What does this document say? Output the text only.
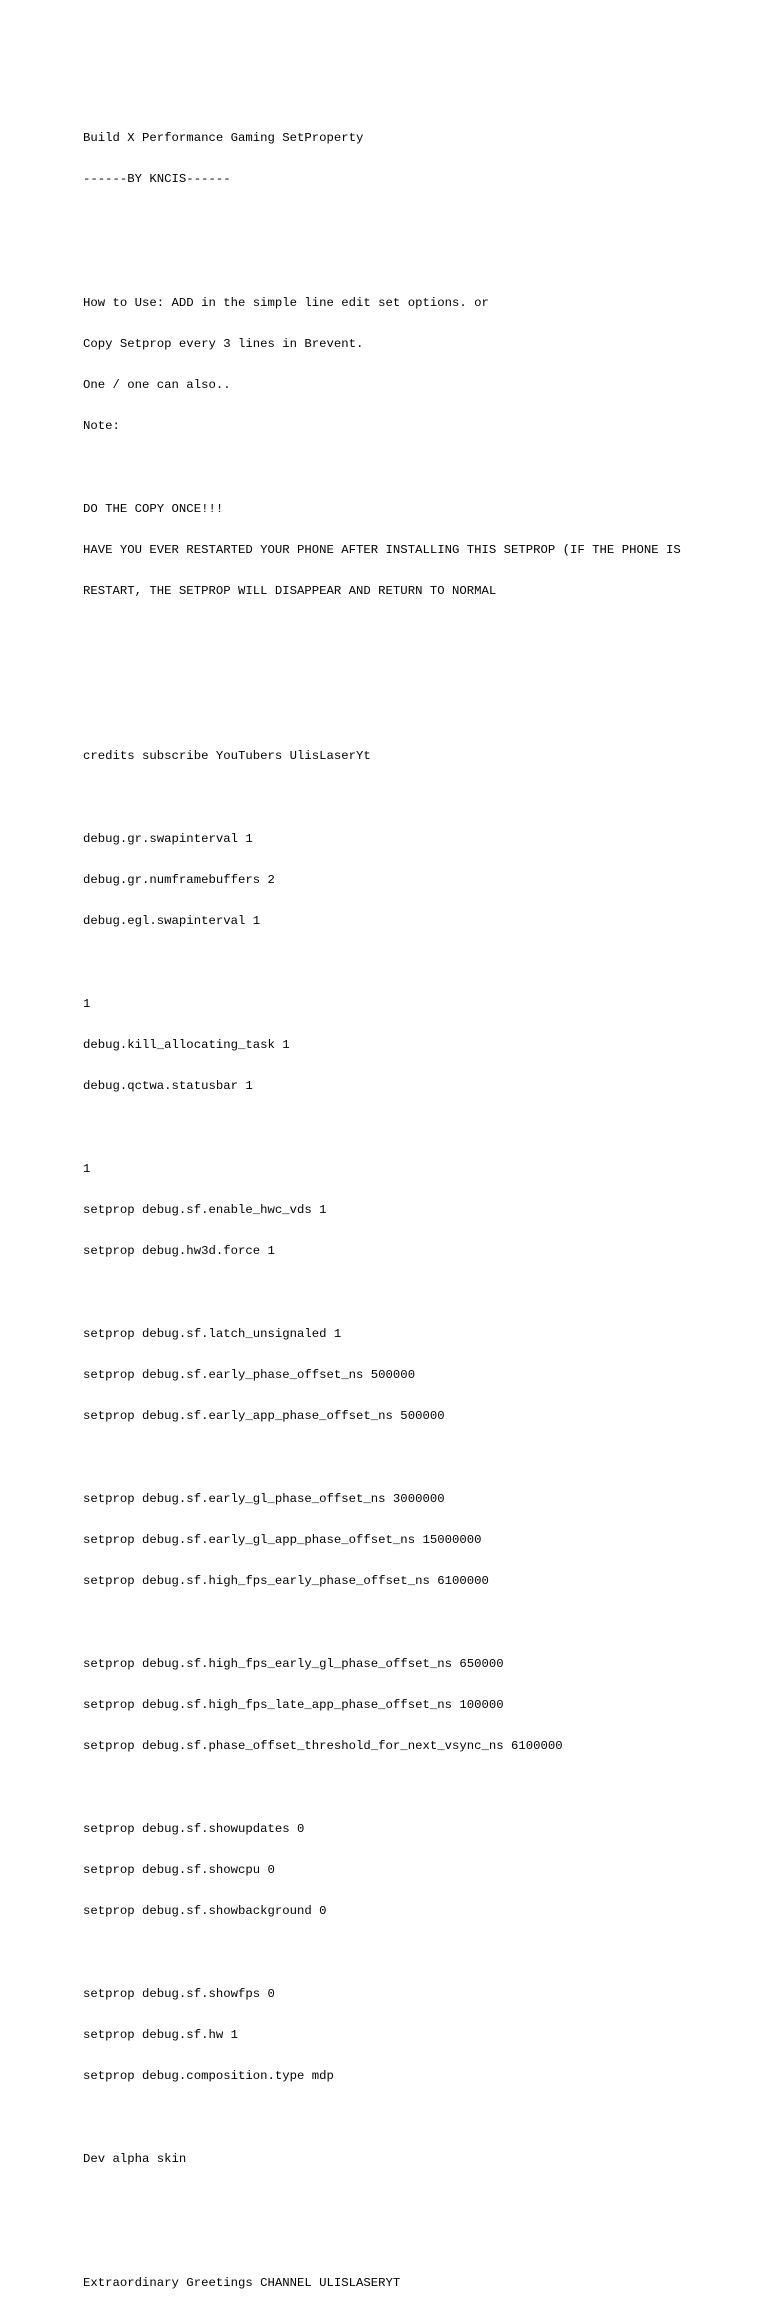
Build X Performance Gaming SetProperty

------BY KNCIS------

How to Use: ADD in the simple line edit set options. or

Copy Setprop every 3 lines in Brevent.

One / one can also..

Note:

DO THE COPY ONCE!!!

HAVE YOU EVER RESTARTED YOUR PHONE AFTER INSTALLING THIS SETPROP (IF THE PHONE IS

RESTART, THE SETPROP WILL DISAPPEAR AND RETURN TO NORMAL

credits subscribe YouTubers UlisLaserYt

debug.gr.swapinterval 1

debug.gr.numframebuffers 2

debug.egl.swapinterval 1

1

debug.kill_allocating_task 1

debug.qctwa.statusbar 1

1

setprop debug.sf.enable_hwc_vds 1

setprop debug.hw3d.force 1

setprop debug.sf.latch_unsignaled 1

setprop debug.sf.early_phase_offset_ns 500000

setprop debug.sf.early_app_phase_offset_ns 500000

setprop debug.sf.early_gl_phase_offset_ns 3000000

setprop debug.sf.early_gl_app_phase_offset_ns 15000000

setprop debug.sf.high_fps_early_phase_offset_ns 6100000

setprop debug.sf.high_fps_early_gl_phase_offset_ns 650000

setprop debug.sf.high_fps_late_app_phase_offset_ns 100000

setprop debug.sf.phase_offset_threshold_for_next_vsync_ns 6100000

setprop debug.sf.showupdates 0

setprop debug.sf.showcpu 0

setprop debug.sf.showbackground 0

setprop debug.sf.showfps 0

setprop debug.sf.hw 1

setprop debug.composition.type mdp

Dev alpha skin

Extraordinary Greetings CHANNEL ULISLASERYT
